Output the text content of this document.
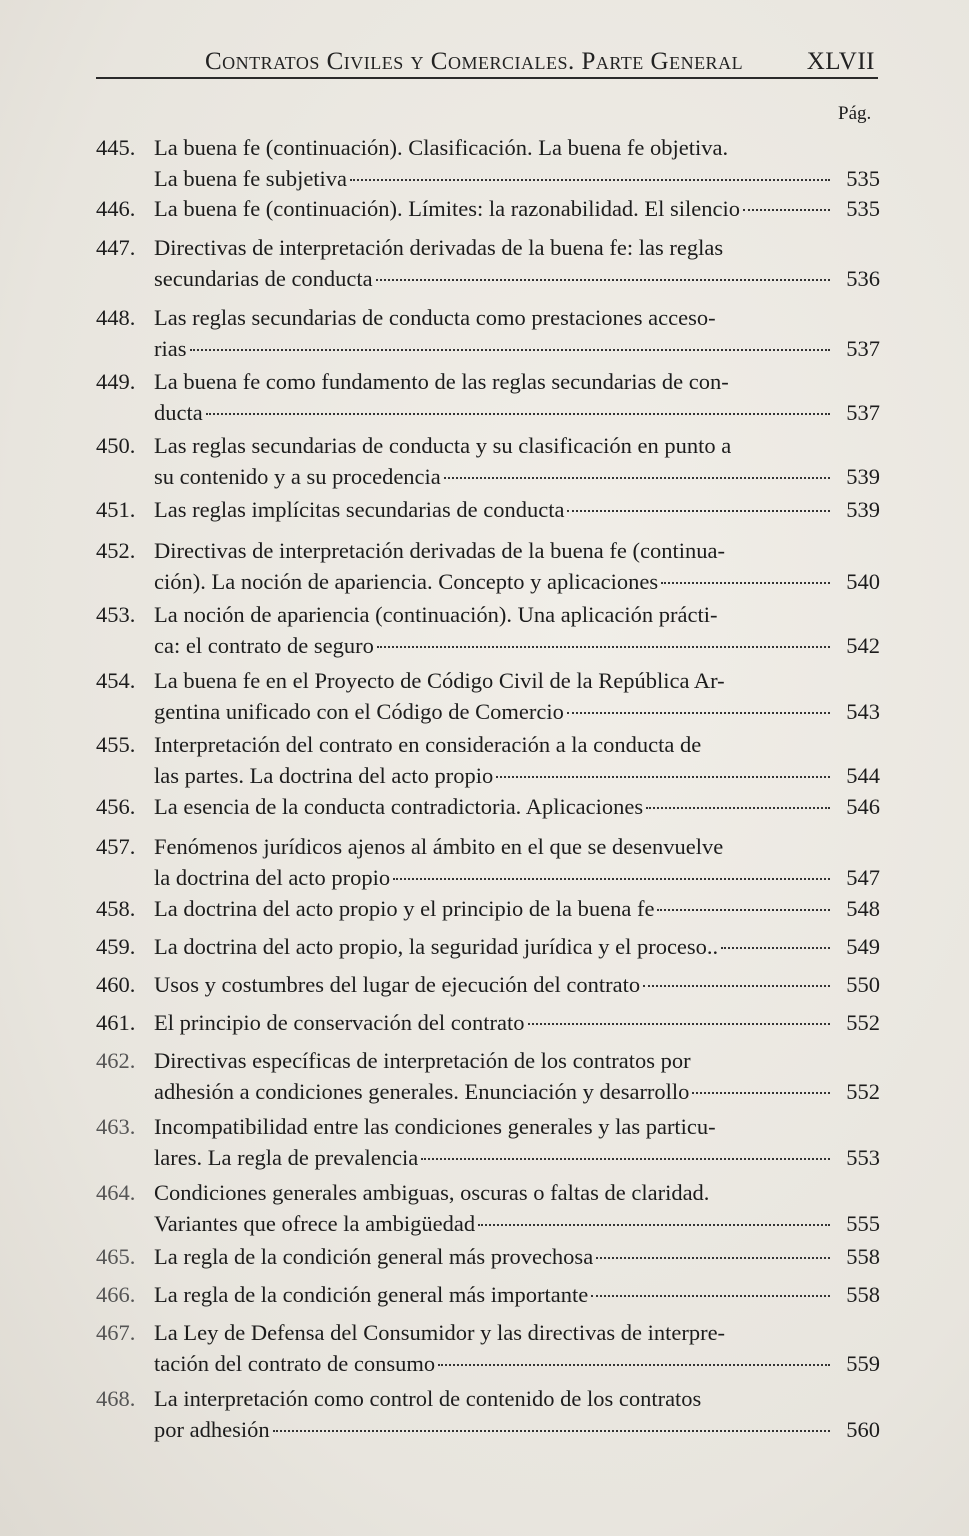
Contratos Civiles y Comerciales. Parte General	XLVII
Pág.
445. La buena fe (continuación). Clasificación. La buena fe objetiva.
La buena fe subjetiva	535
446. La buena fe (continuación). Límites: la razonabilidad. El silencio	535
447. Directivas de interpretación derivadas de la buena fe: las reglas
secundarias de conducta	536
448. Las reglas secundarias de conducta como prestaciones acceso-
rias	537
449. La buena fe como fundamento de las reglas secundarias de con-
ducta	537
450. Las reglas secundarias de conducta y su clasificación en punto a
su contenido y a su procedencia	539
451. Las reglas implícitas secundarias de conducta	539
452. Directivas de interpretación derivadas de la buena fe (continua-
ción). La noción de apariencia. Concepto y aplicaciones	540
453. La noción de apariencia (continuación). Una aplicación prácti-
ca: el contrato de seguro	542
454. La buena fe en el Proyecto de Código Civil de la República Ar-
gentina unificado con el Código de Comercio	543
455. Interpretación del contrato en consideración a la conducta de
las partes. La doctrina del acto propio	544
456. La esencia de la conducta contradictoria. Aplicaciones	546
457. Fenómenos jurídicos ajenos al ámbito en el que se desenvuelve
la doctrina del acto propio	547
458. La doctrina del acto propio y el principio de la buena fe	548
459. La doctrina del acto propio, la seguridad jurídica y el proceso..	549
460. Usos y costumbres del lugar de ejecución del contrato	550
461. El principio de conservación del contrato	552
462. Directivas específicas de interpretación de los contratos por
adhesión a condiciones generales. Enunciación y desarrollo	552
463. Incompatibilidad entre las condiciones generales y las particu-
lares. La regla de prevalencia	553
464. Condiciones generales ambiguas, oscuras o faltas de claridad.
Variantes que ofrece la ambigüedad	555
465. La regla de la condición general más provechosa	558
466. La regla de la condición general más importante	558
467. La Ley de Defensa del Consumidor y las directivas de interpre-
tación del contrato de consumo	559
468. La interpretación como control de contenido de los contratos
por adhesión	560
